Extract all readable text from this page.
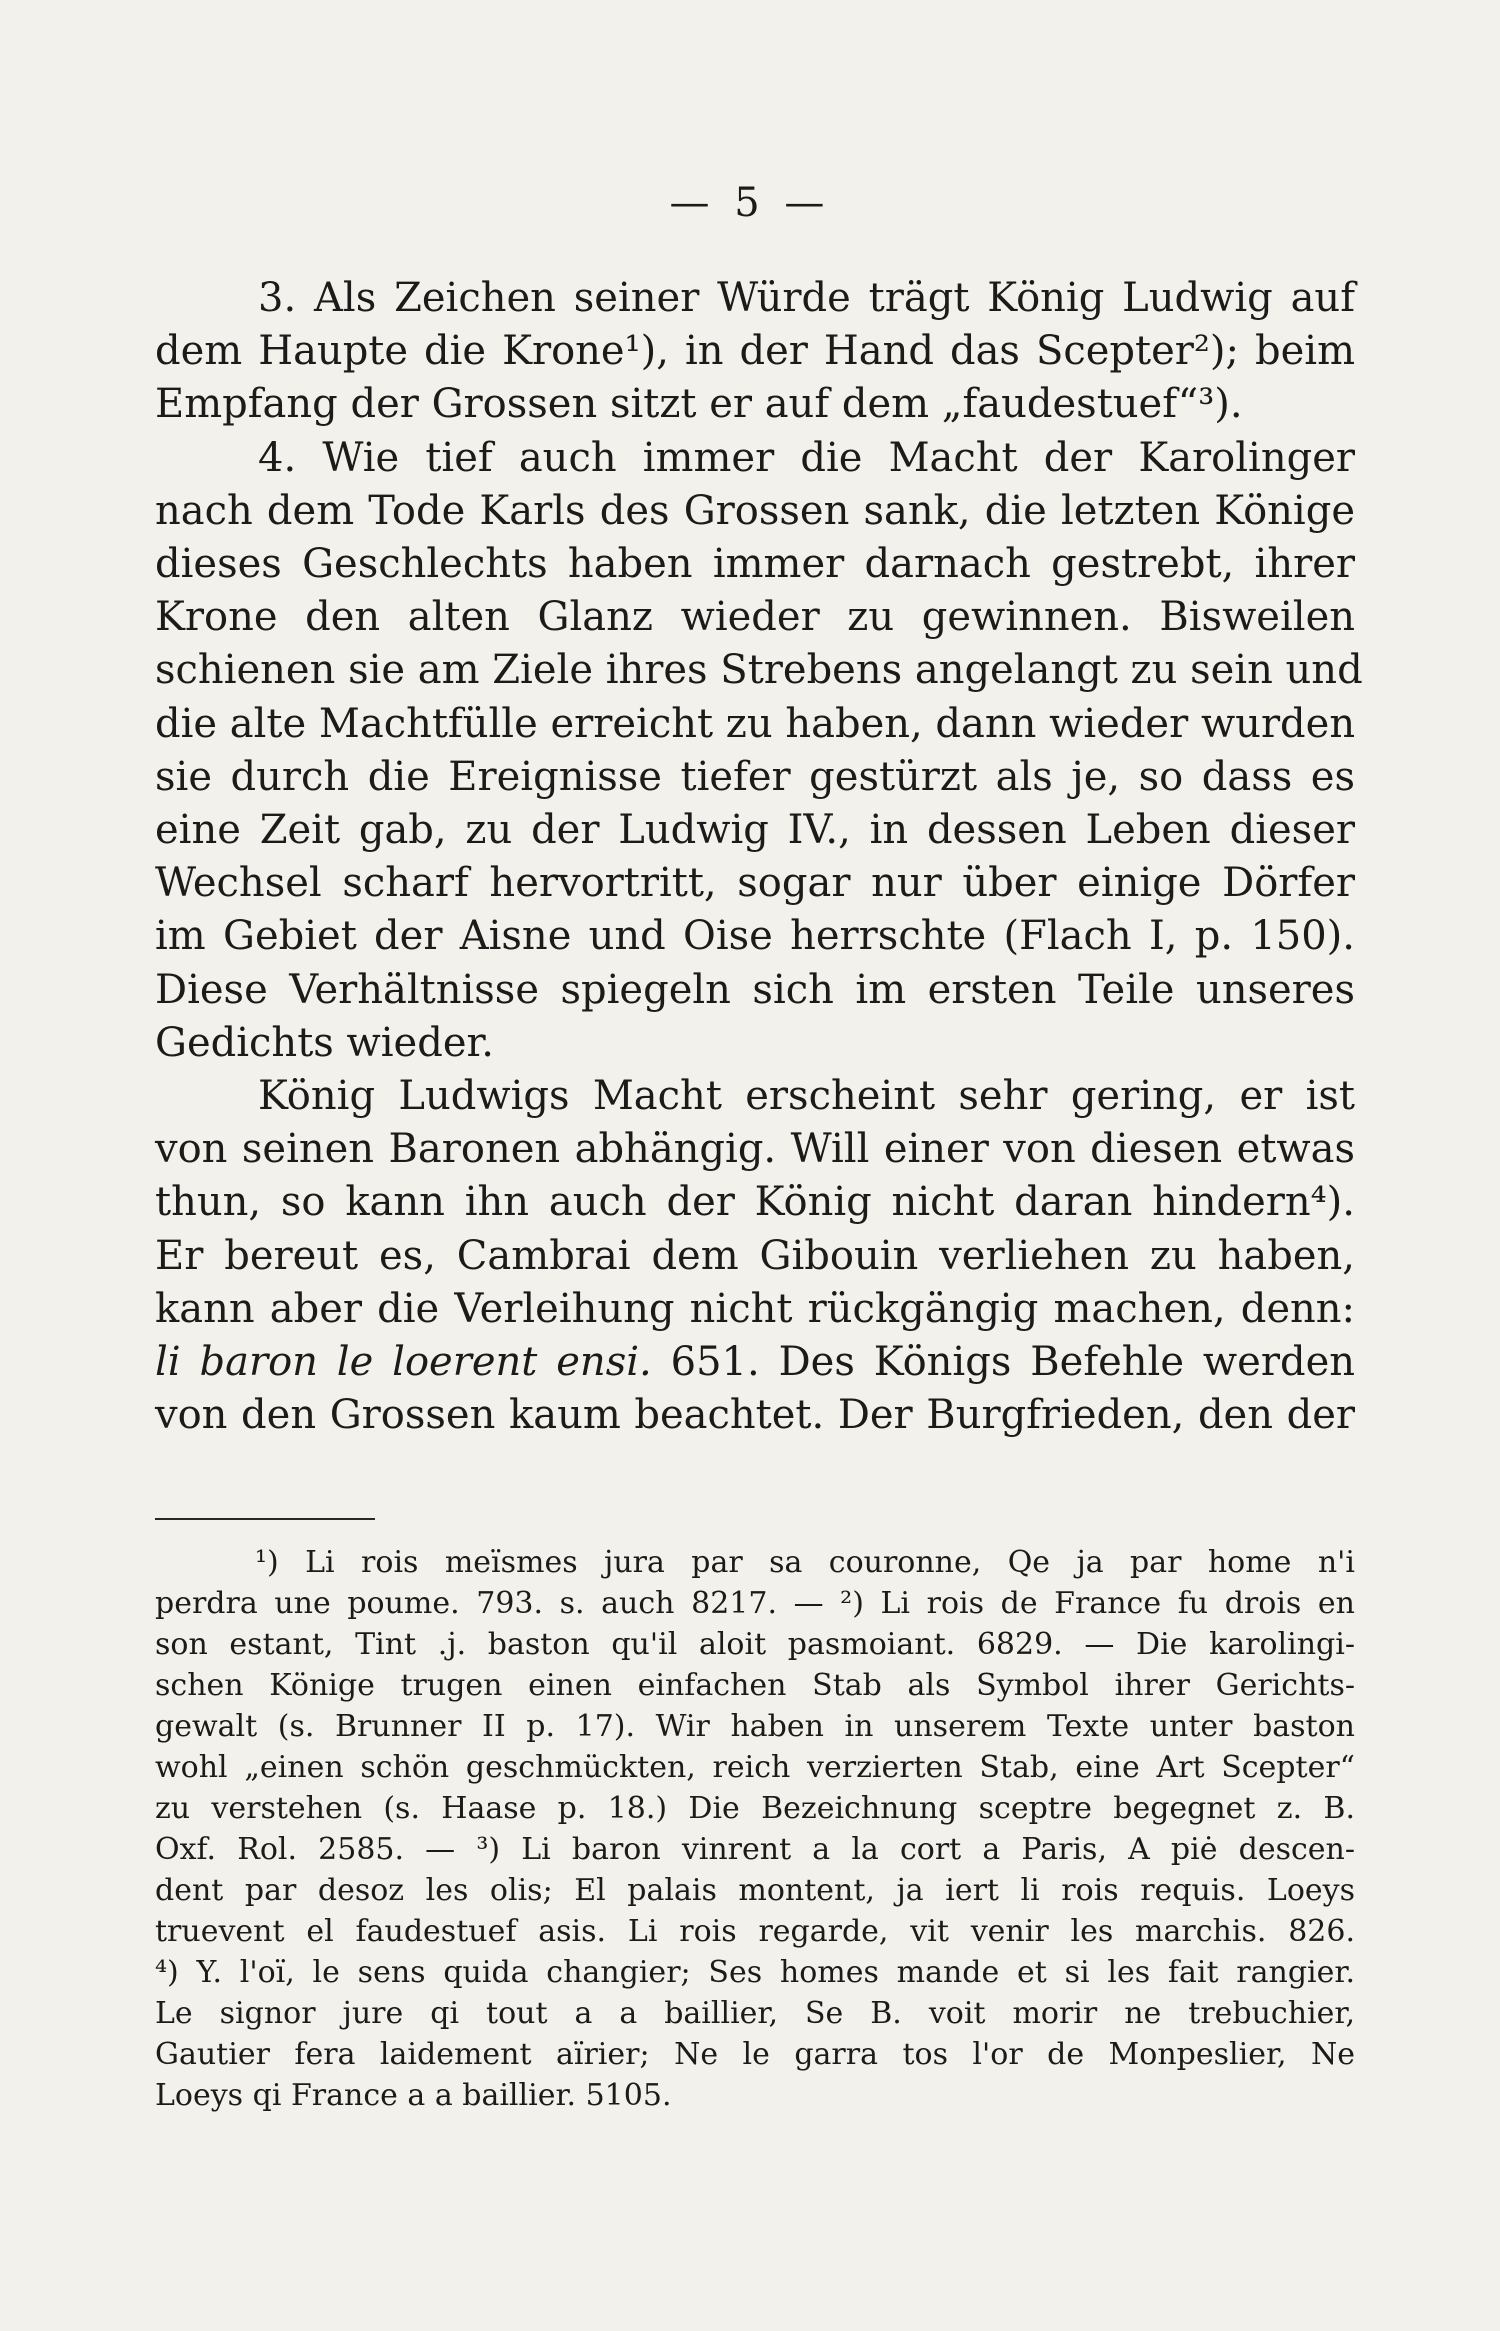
— 5 —
3. Als Zeichen seiner Würde trägt König Ludwig auf
dem Haupte die Krone¹), in der Hand das Scepter²); beim
Empfang der Grossen sitzt er auf dem „faudestuef“³).
4. Wie tief auch immer die Macht der Karolinger
nach dem Tode Karls des Grossen sank, die letzten Könige
dieses Geschlechts haben immer darnach gestrebt, ihrer
Krone den alten Glanz wieder zu gewinnen. Bisweilen
schienen sie am Ziele ihres Strebens angelangt zu sein und
die alte Machtfülle erreicht zu haben, dann wieder wurden
sie durch die Ereignisse tiefer gestürzt als je, so dass es
eine Zeit gab, zu der Ludwig IV., in dessen Leben dieser
Wechsel scharf hervortritt, sogar nur über einige Dörfer
im Gebiet der Aisne und Oise herrschte (Flach I, p. 150).
Diese Verhältnisse spiegeln sich im ersten Teile unseres
Gedichts wieder.
König Ludwigs Macht erscheint sehr gering, er ist
von seinen Baronen abhängig. Will einer von diesen etwas
thun, so kann ihn auch der König nicht daran hindern⁴).
Er bereut es, Cambrai dem Gibouin verliehen zu haben,
kann aber die Verleihung nicht rückgängig machen, denn:
li baron le loerent ensi. 651. Des Königs Befehle werden
von den Grossen kaum beachtet. Der Burgfrieden, den der
¹) Li rois meïsmes jura par sa couronne, Qe ja par home n'i
perdra une poume. 793. s. auch 8217. — ²) Li rois de France fu drois en
son estant, Tint .j. baston qu'il aloit pasmoiant. 6829. — Die karolingi-
schen Könige trugen einen einfachen Stab als Symbol ihrer Gerichts-
gewalt (s. Brunner II p. 17). Wir haben in unserem Texte unter baston
wohl „einen schön geschmückten, reich verzierten Stab, eine Art Scepter“
zu verstehen (s. Haase p. 18.) Die Bezeichnung sceptre begegnet z. B.
Oxf. Rol. 2585. — ³) Li baron vinrent a la cort a Paris, A piė descen-
dent par desoz les olis; El palais montent, ja iert li rois requis. Loeys
truevent el faudestuef asis. Li rois regarde, vit venir les marchis. 826.
⁴) Y. l'oï, le sens quida changier; Ses homes mande et si les fait rangier.
Le signor jure qi tout a a baillier, Se B. voit morir ne trebuchier,
Gautier fera laidement aïrier; Ne le garra tos l'or de Monpeslier, Ne
Loeys qi France a a baillier. 5105.
